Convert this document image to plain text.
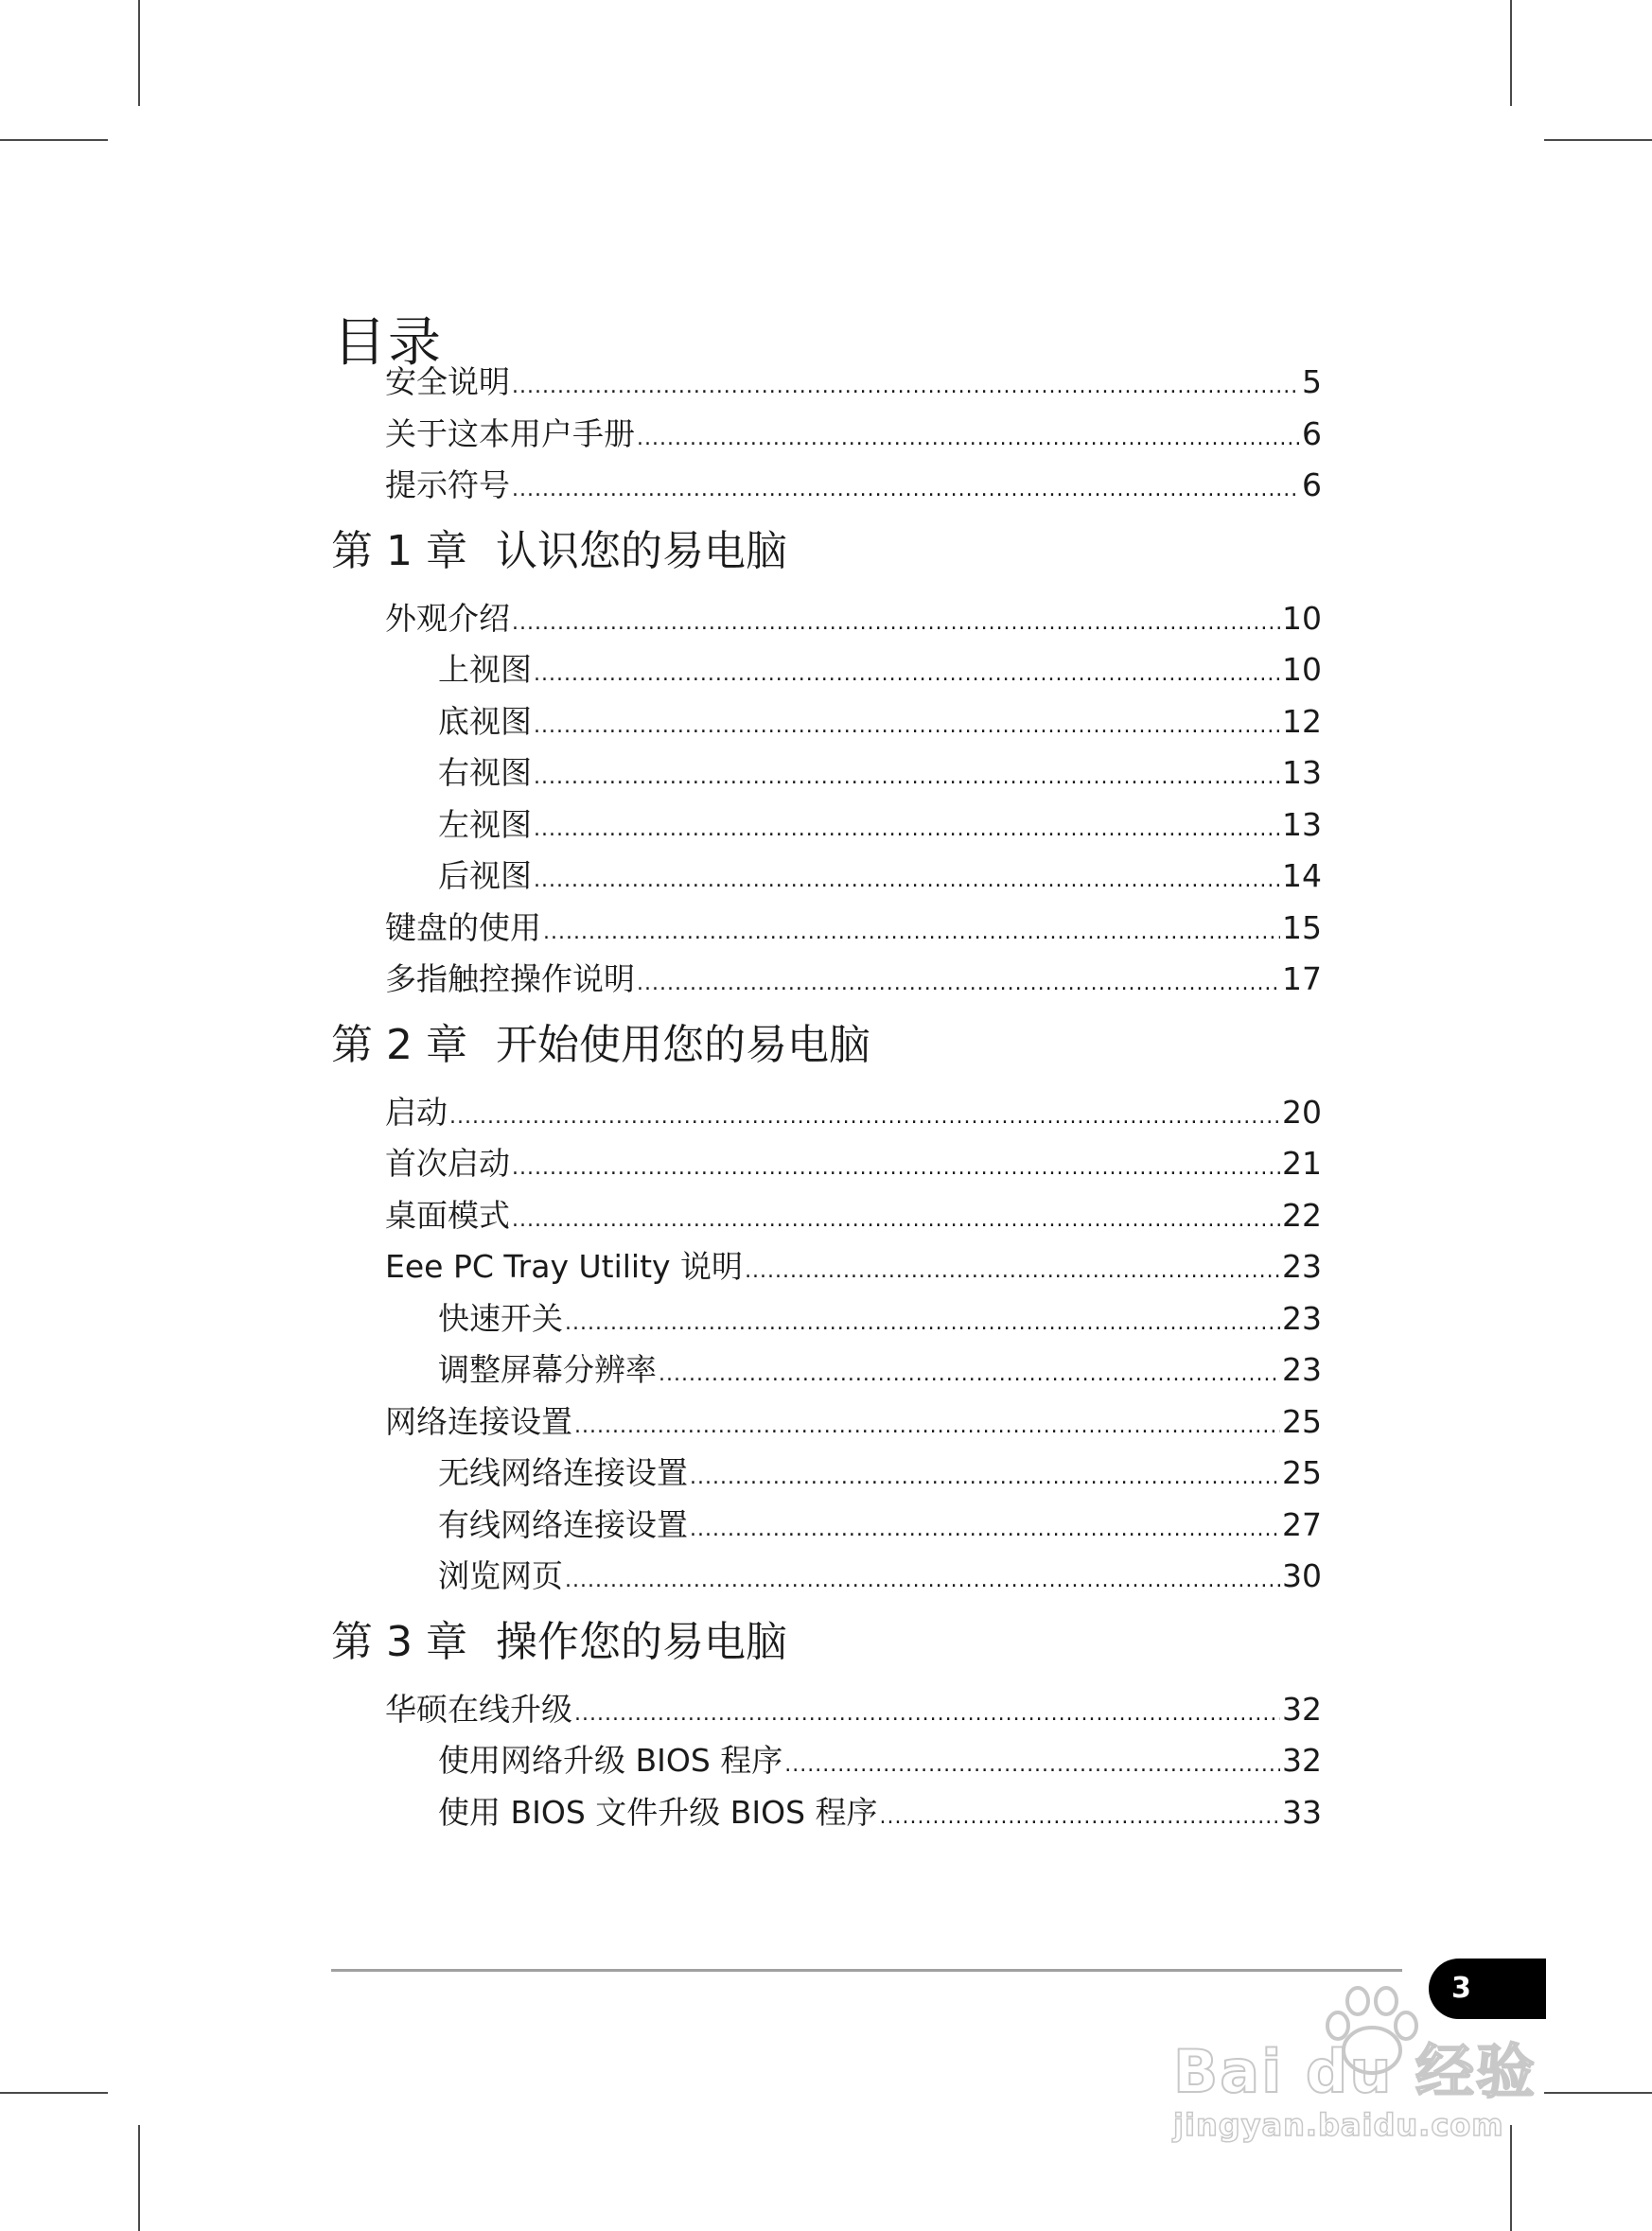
目录
安全说明 .....	5
关于这本用户手册 .....	6
提示符号 .....	6
第 1 章 认识您的易电脑
外观介绍 .....	10
上视图 .....	10
底视图 .....	12
右视图 .....	13
左视图 .....	13
后视图 .....	14
键盘的使用 .....	15
多指触控操作说明 .....	17
第 2 章 开始使用您的易电脑
启动 .....	20
首次启动 .....	21
桌面模式 .....	22
Eee PC Tray Utility 说明 .....	23
快速开关 .....	23
调整屏幕分辨率 .....	23
网络连接设置 .....	25
无线网络连接设置 .....	25
有线网络连接设置 .....	27
浏览网页 .....	30
第 3 章 操作您的易电脑
华硕在线升级 .....	32
使用网络升级 BIOS 程序 .....	32
使用 BIOS 文件升级 BIOS 程序 .....	33
3
Bai du 经验
jingyan.baidu.com
